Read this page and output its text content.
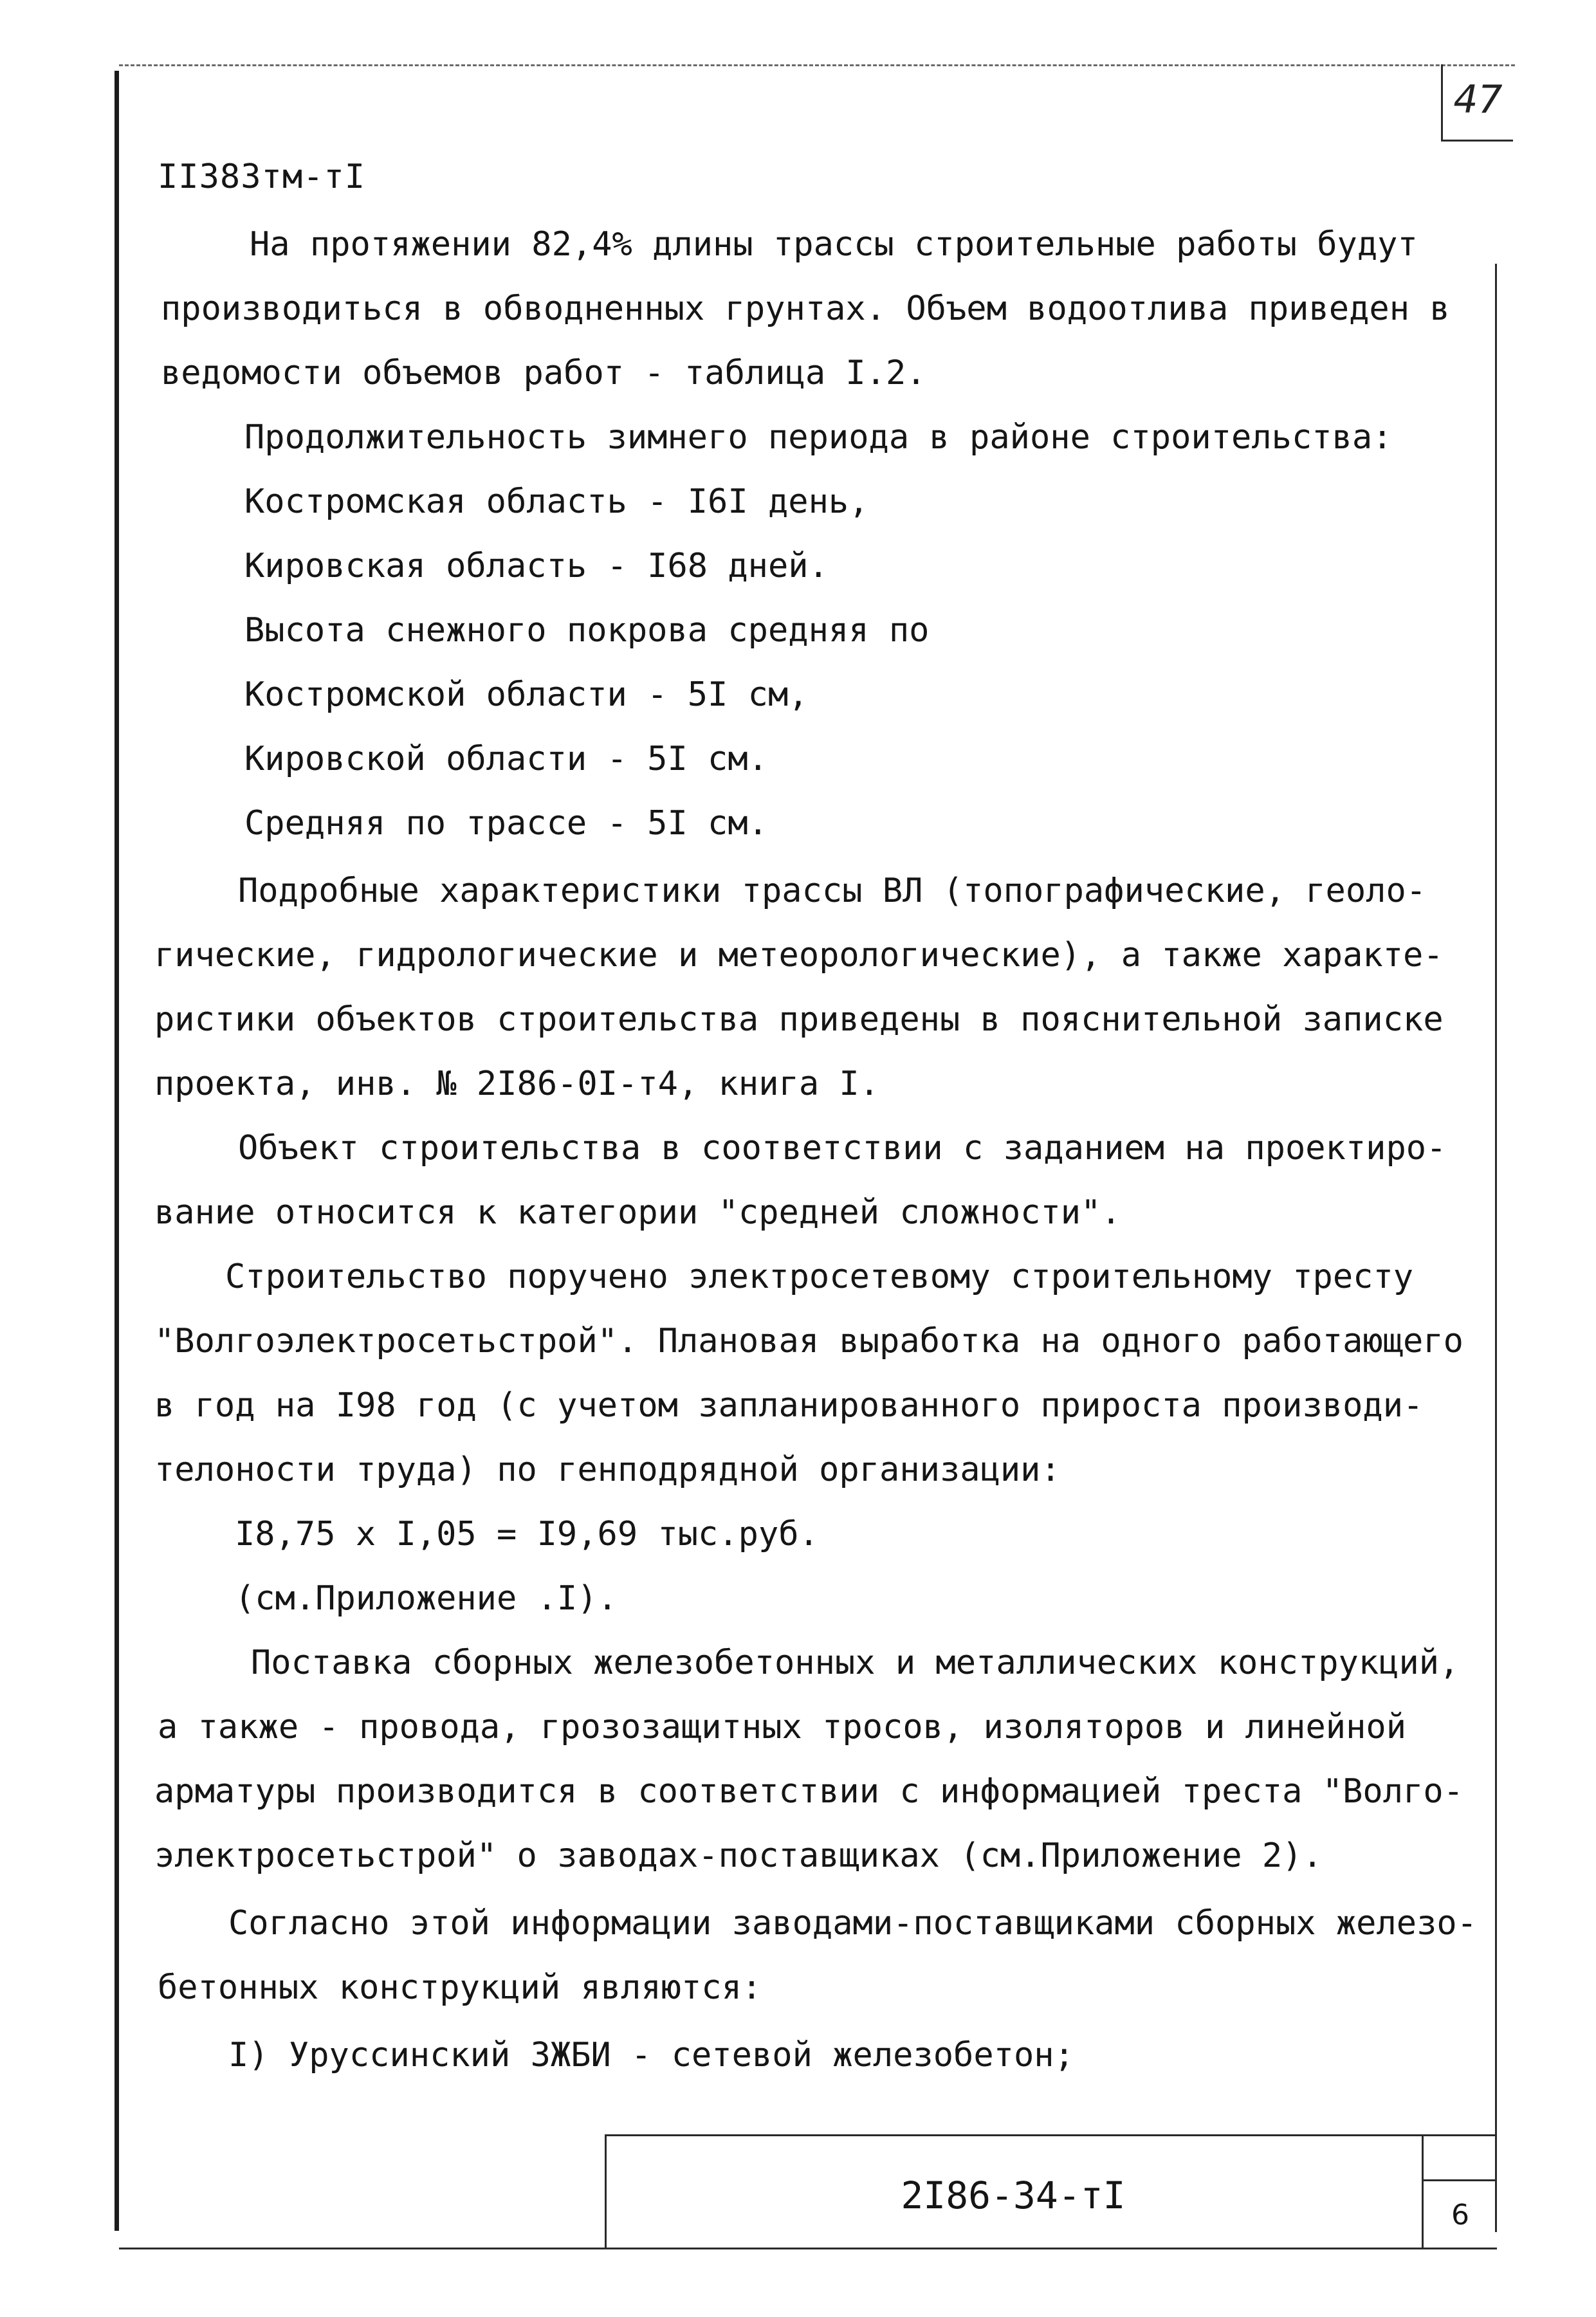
47
II383тм-тI
На протяжении 82,4% длины трассы строительные работы будут
производиться в обводненных грунтах. Объем водоотлива приведен в
ведомости объемов работ - таблица I.2.
Продолжительность зимнего периода в районе строительства:
Костромская область - I6I день,
Кировская область - I68 дней.
Высота снежного покрова средняя по
Костромской области - 5I см,
Кировской области - 5I см.
Средняя по трассе - 5I см.
Подробные характеристики трассы ВЛ (топографические, геоло-
гические, гидрологические и метеорологические), а также характе-
ристики объектов строительства приведены в пояснительной записке
проекта, инв. № 2I86-0I-т4, книга I.
Объект строительства в соответствии с заданием на проектиро-
вание относится к категории "средней сложности".
Строительство поручено электросетевому строительному тресту
"Волгоэлектросетьстрой". Плановая выработка на одного работающего
в год на I98 год (с учетом запланированного прироста производи-
телоности труда) по генподрядной организации:
I8,75 x I,05 = I9,69 тыс.руб.
(см.Приложение .I).
Поставка сборных железобетонных и металлических конструкций,
а также - провода, грозозащитных тросов, изоляторов и линейной
арматуры производится в соответствии с информацией треста "Волго-
электросетьстрой" о заводах-поставщиках (см.Приложение 2).
Согласно этой информации заводами-поставщиками сборных железо-
бетонных конструкций являются:
I) Уруссинский ЗЖБИ - сетевой железобетон;
2I86-34-тI	6
